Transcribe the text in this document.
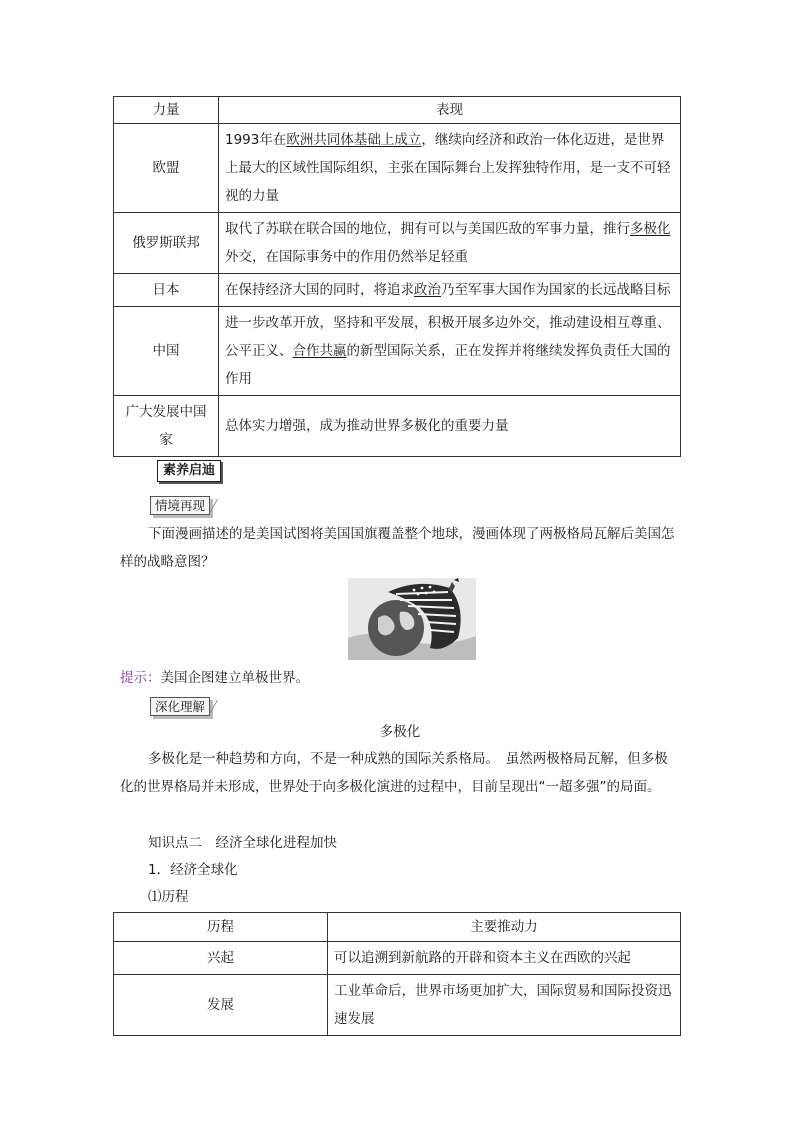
力量	表现
欧盟	1993年在欧洲共同体基础上成立，继续向经济和政治一体化迈进，是世界上最大的区域性国际组织，主张在国际舞台上发挥独特作用，是一支不可轻视的力量
俄罗斯联邦	取代了苏联在联合国的地位，拥有可以与美国匹敌的军事力量，推行多极化外交，在国际事务中的作用仍然举足轻重
日本	在保持经济大国的同时，将追求政治乃至军事大国作为国家的长远战略目标
中国	进一步改革开放，坚持和平发展，积极开展多边外交，推动建设相互尊重、公平正义、合作共赢的新型国际关系，正在发挥并将继续发挥负责任大国的作用
广大发展中国家	总体实力增强，成为推动世界多极化的重要力量
素养启迪
情境再现

下面漫画描述的是美国试图将美国国旗覆盖整个地球，漫画体现了两极格局瓦解后美国怎样的战略意图？

提示：美国企图建立单极世界。

深化理解

多极化

多极化是一种趋势和方向，不是一种成熟的国际关系格局。　虽然两极格局瓦解，但多极化的世界格局并未形成，世界处于向多极化演进的过程中，目前呈现出“一超多强”的局面。

知识点二　经济全球化进程加快

1．经济全球化

⑴历程

历程	主要推动力
兴起	可以追溯到新航路的开辟和资本主义在西欧的兴起
发展	工业革命后，世界市场更加扩大，国际贸易和国际投资迅速发展
